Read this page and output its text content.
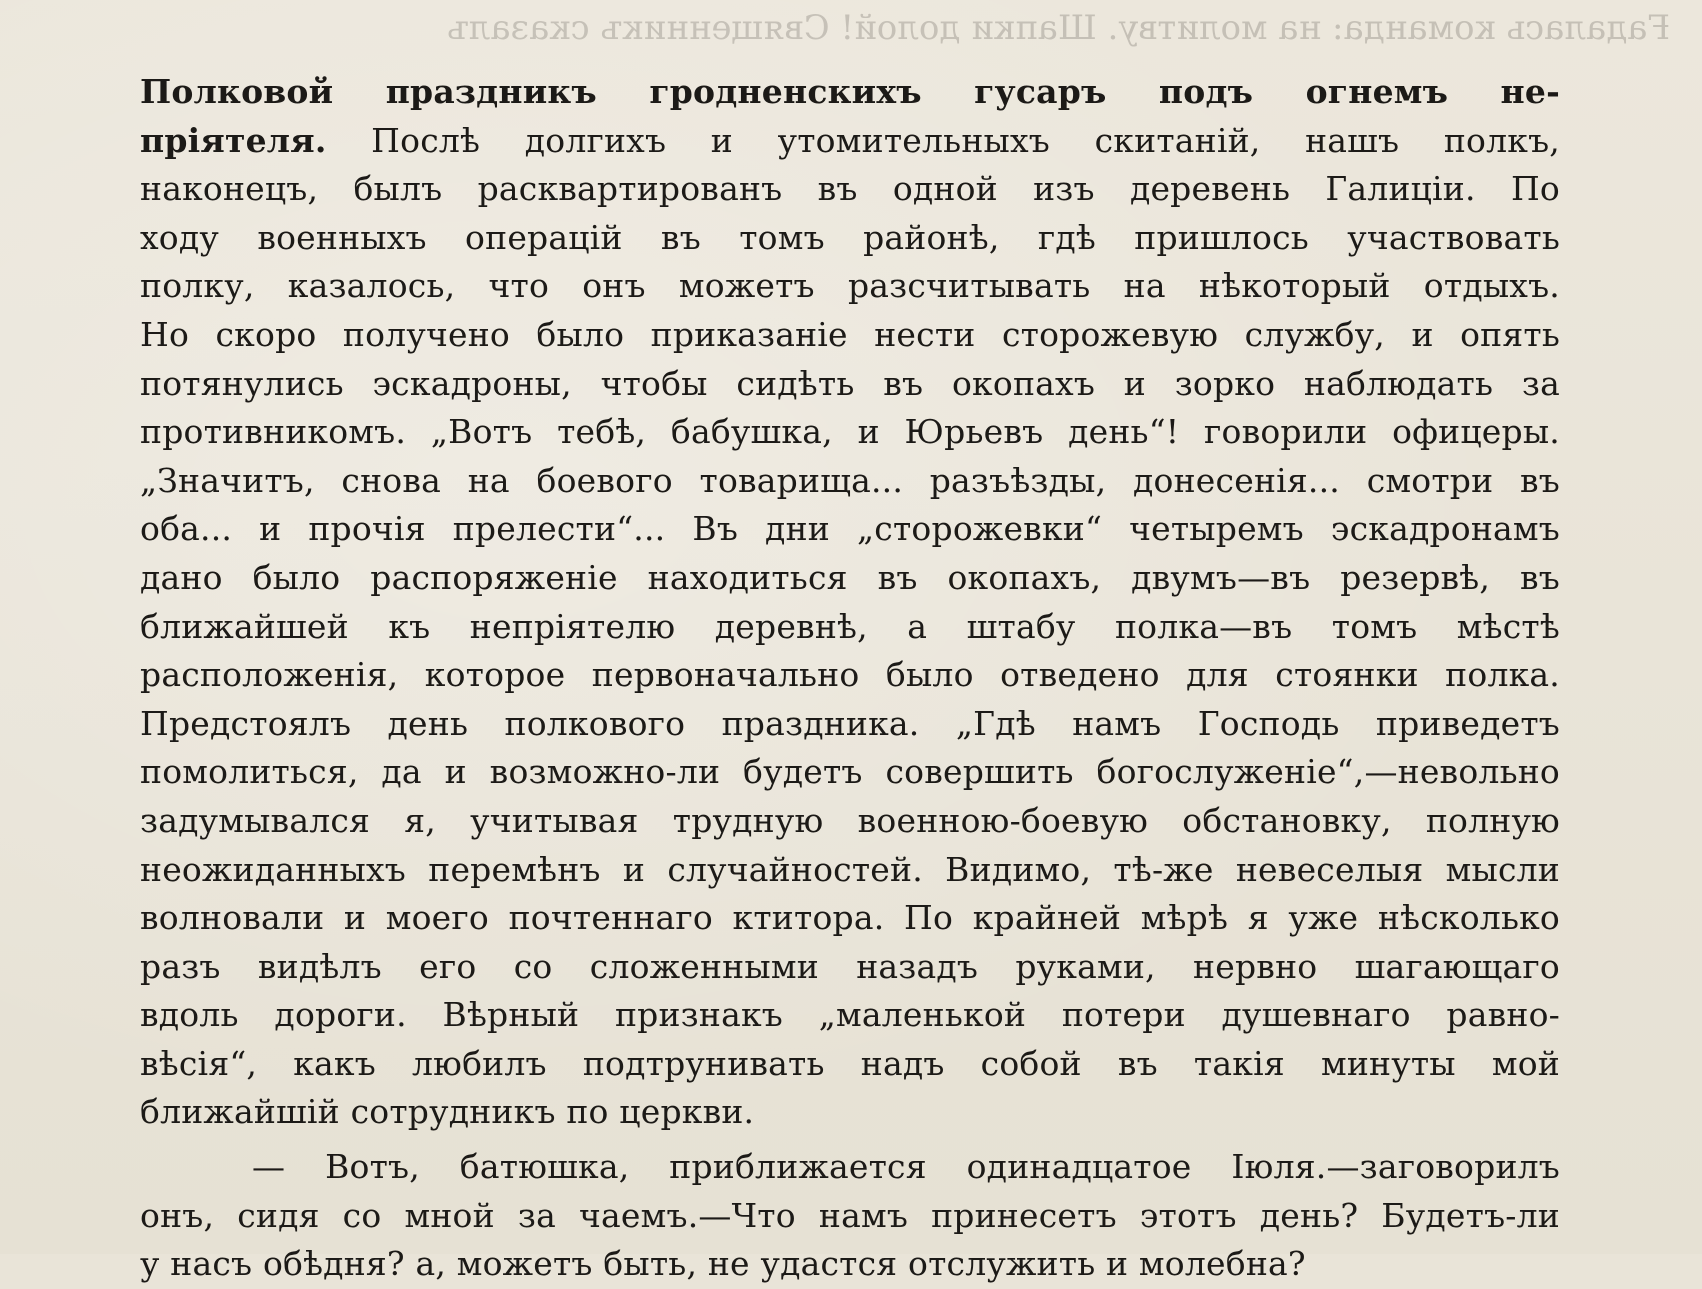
Ғадалась команда: на молитву. Шапки долой! Священникъ сказалъ
Полковой праздникъ гродненскихъ гусаръ подъ огнемъ не-
пріятеля. Послѣ долгихъ и утомительныхъ скитаній, нашъ полкъ,
наконецъ, былъ расквартированъ въ одной изъ деревень Галиціи. По
ходу военныхъ операцій въ томъ районѣ, гдѣ пришлось участвовать
полку, казалось, что онъ можетъ разсчитывать на нѣкоторый отдыхъ.
Но скоро получено было приказаніе нести сторожевую службу, и опять
потянулись эскадроны, чтобы сидѣть въ окопахъ и зорко наблюдать за
противникомъ. „Вотъ тебѣ, бабушка, и Юрьевъ день“! говорили офицеры.
„Значитъ, снова на боевого товарища... разъѣзды, донесенія... смотри въ
оба... и прочія прелести“... Въ дни „сторожевки“ четыремъ эскадронамъ
дано было распоряженіе находиться въ окопахъ, двумъ—въ резервѣ, въ
ближайшей къ непріятелю деревнѣ, а штабу полка—въ томъ мѣстѣ
расположенія, которое первоначально было отведено для стоянки полка.
Предстоялъ день полкового праздника. „Гдѣ намъ Господь приведетъ
помолиться, да и возможно-ли будетъ совершить богослуженіе“,—невольно
задумывался я, учитывая трудную военною-боевую обстановку, полную
неожиданныхъ перемѣнъ и случайностей. Видимо, тѣ-же невеселыя мысли
волновали и моего почтеннаго ктитора. По крайней мѣрѣ я уже нѣсколько
разъ видѣлъ его со сложенными назадъ руками, нервно шагающаго
вдоль дороги. Вѣрный признакъ „маленькой потери душевнаго равно-
вѣсія“, какъ любилъ подтрунивать надъ собой въ такія минуты мой
ближайшій сотрудникъ по церкви.
— Вотъ, батюшка, приближается одинадцатое Іюля.—заговорилъ
онъ, сидя со мной за чаемъ.—Что намъ принесетъ этотъ день? Будетъ-ли
у насъ обѣдня? а, можетъ быть, не удастся отслужить и молебна?
